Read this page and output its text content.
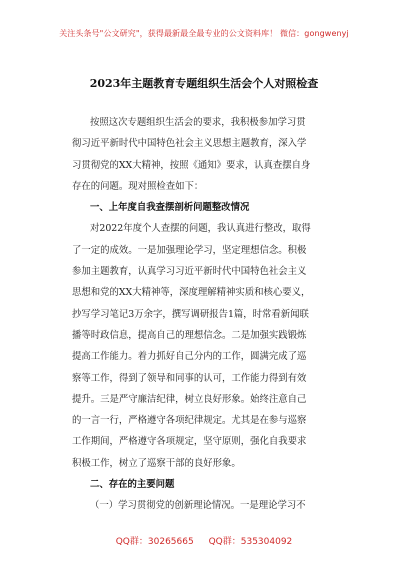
关注头条号"公文研究"，获得最新最全最专业的公文资料库！ 微信：gongwenyj
2023年主题教育专题组织生活会个人对照检查
按照这次专题组织生活会的要求，我积极参加学习贯
彻习近平新时代中国特色社会主义思想主题教育，深入学
习贯彻党的XX大精神，按照《通知》要求，认真查摆自身
存在的问题。现对照检查如下：
一、上年度自我查摆剖析问题整改情况
对2022年度个人查摆的问题，我认真进行整改，取得
了一定的成效。一是加强理论学习，坚定理想信念。积极
参加主题教育，认真学习习近平新时代中国特色社会主义
思想和党的XX大精神等，深度理解精神实质和核心要义，
抄写学习笔记3万余字，撰写调研报告1篇，时常看新闻联
播等时政信息，提高自己的理想信念。二是加强实践锻炼
提高工作能力。着力抓好自己分内的工作，圆满完成了巡
察等工作，得到了领导和同事的认可，工作能力得到有效
提升。三是严守廉洁纪律，树立良好形象。始终注意自己
的一言一行，严格遵守各项纪律规定。尤其是在参与巡察
工作期间，严格遵守各项规定，坚守原则，强化自我要求
积极工作，树立了巡察干部的良好形象。
二、存在的主要问题
（一）学习贯彻党的创新理论情况。一是理论学习不
QQ群：30265665 QQ群：535304092
